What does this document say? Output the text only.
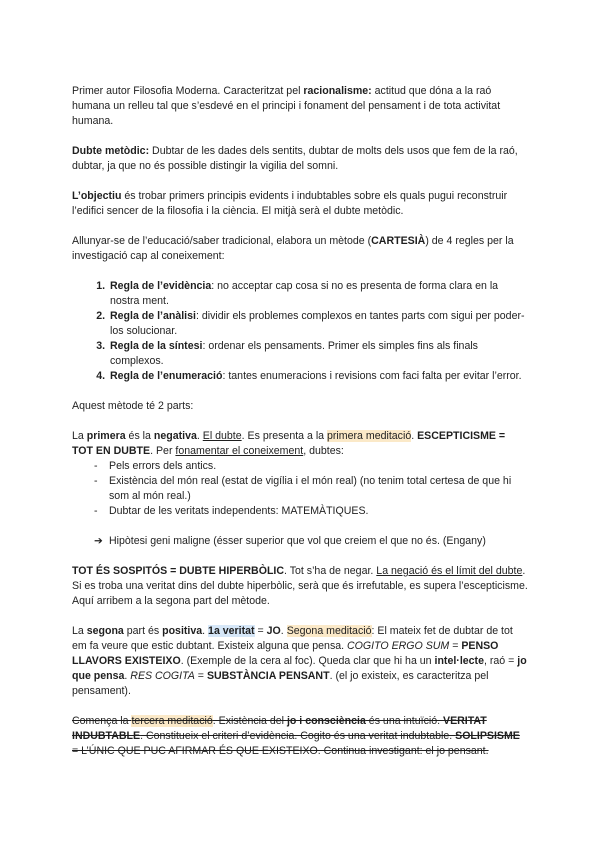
Primer autor Filosofia Moderna. Caracteritzat pel racionalisme: actitud que dóna a la raó humana un relleu tal que s’esdevé en el principi i fonament del pensament i de tota activitat humana.

Dubte metòdic: Dubtar de les dades dels sentits, dubtar de molts dels usos que fem de la raó, dubtar, ja que no és possible distingir la vigilia del somni.

L’objectiu és trobar primers principis evidents i indubtables sobre els quals pugui reconstruir l’edifici sencer de la filosofia i la ciència. El mitjà serà el dubte metòdic.

Allunyar-se de l’educació/saber tradicional, elabora un mètode (CARTESIÀ) de 4 regles per la investigació cap al coneixement:

1. Regla de l’evidència: no acceptar cap cosa si no es presenta de forma clara en la nostra ment.
2. Regla de l’anàlisi: dividir els problemes complexos en tantes parts com sigui per poder-los solucionar.
3. Regla de la síntesi: ordenar els pensaments. Primer els simples fins als finals complexos.
4. Regla de l’enumeració: tantes enumeracions i revisions com faci falta per evitar l’error.

Aquest mètode té 2 parts:

La primera és la negativa. El dubte. Es presenta a la primera meditació. ESCEPTICISME = TOT EN DUBTE. Per fonamentar el coneixement, dubtes:

- Pels errors dels antics.
- Existència del món real (estat de vigília i el món real) (no tenim total certesa de que hi som al món real.)
- Dubtar de les veritats independents: MATEMÀTIQUES.

➔ Hipòtesi geni maligne (ésser superior que vol que creiem el que no és. (Engany)

TOT ÉS SOSPITÓS = DUBTE HIPERBÒLIC. Tot s’ha de negar. La negació és el límit del dubte. Si es troba una veritat dins del dubte hiperbòlic, serà que és irrefutable, es supera l’escepticisme. Aquí arribem a la segona part del mètode.

La segona part és positiva. 1a veritat = JO. Segona meditació: El mateix fet de dubtar de tot em fa veure que estic dubtant. Existeix alguna que pensa. COGITO ERGO SUM = PENSO LLAVORS EXISTEIXO. (Exemple de la cera al foc). Queda clar que hi ha un intel·lecte, raó = jo que pensa. RES COGITA = SUBSTÀNCIA PENSANT. (el jo existeix, es caracteritza pel pensament).

Comença la tercera meditació. Existència del jo i consciència és una intuïció. VERITAT INDUBTABLE. Constitueix el criteri d’evidència. Cogito és una veritat indubtable. SOLIPSISME = L’ÚNIC QUE PUC AFIRMAR ÉS QUE EXISTEIXO. Continua investigant: el jo pensant.
